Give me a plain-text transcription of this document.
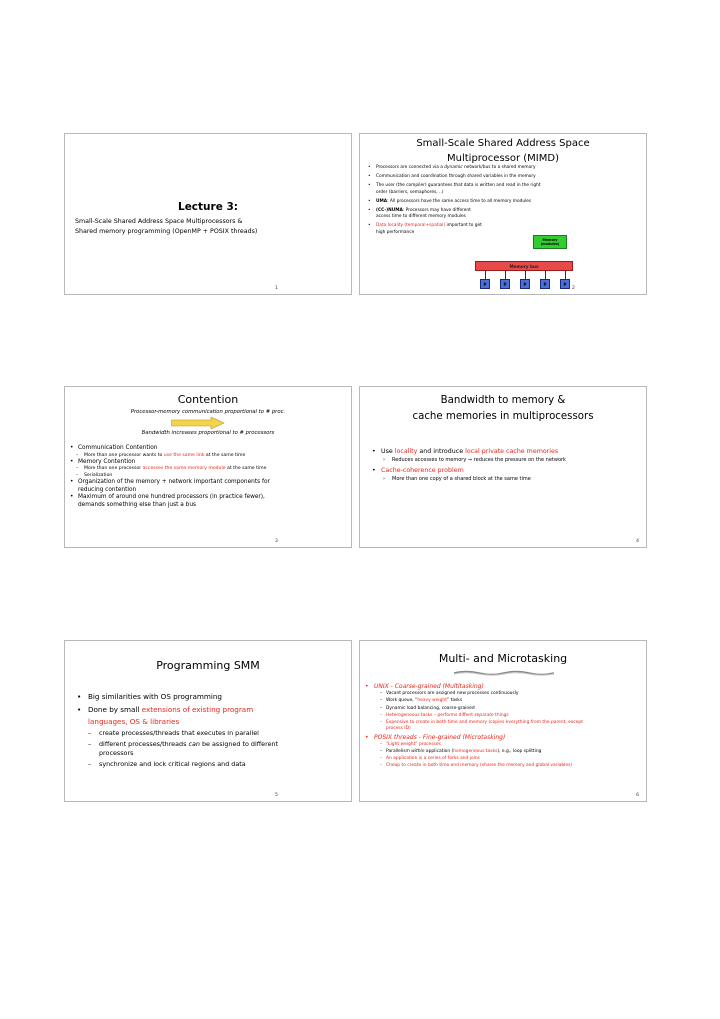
Lecture 3:
Small-Scale Shared Address Space Multiprocessors &
Shared memory programming (OpenMP + POSIX threads)
1
Small-Scale Shared Address Space
Multiprocessor (MIMD)
• Processors are connected via a dynamic network/bus to a shared memory
• Communication and coordination through shared variables in the memory
• The user (the compiler) guarantees that data is written and read in the right order (barriers, semaphores, ..)
• UMA: All processors have the same access time to all memory modules
• (CC-)NUMA: Processors may have different access time to different memory modules
• Data locality (temporal+spatial) important to get high performance
Memory (modules)
Memory bus
P	P	P	P	P
2
Contention
Processor-memory communication proportional to # proc.
Bandwidth increases proportional to # processors
• Communication Contention
– More than one processor wants to use the same link at the same time
• Memory Contention
– More than one processor accesses the same memory module at the same time
– Serialization
• Organization of the memory + network important components for reducing contention
• Maximum of around one hundred processors (in practice fewer), demands something else than just a bus
3
Bandwidth to memory &
cache memories in multiprocessors
• Use locality and introduce local private cache memories
› Reduces accesses to memory ⇒ reduces the pressure on the network
• Cache-coherence problem
› More than one copy of a shared block at the same time
4
Programming SMM
• Big similarities with OS programming
• Done by small extensions of existing program languages, OS & libraries
– create processes/threads that executes in parallel
– different processes/threads can be assigned to different processors
– synchronize and lock critical regions and data
5
Multi- and Microtasking
• UNIX - Coarse-grained (Multitasking)
– Vacant processors are assigned new processes continuously
– Work queue, “heavy weight” tasks
– Dynamic load balancing, coarse-grained
– Heterogeneous tasks – performs diffent separate things
– Expensive to create in both time and memory (copies everything from the parent, except process ID)
• POSIX threads - Fine-grained (Microtasking)
– “Light weight” processes
– Parallelism within application (homogeneous tasks), e.g., loop splitting
– An application is a series of forks and joins
– Cheap to create in both time and memory (shares the memory and global variables)
6
